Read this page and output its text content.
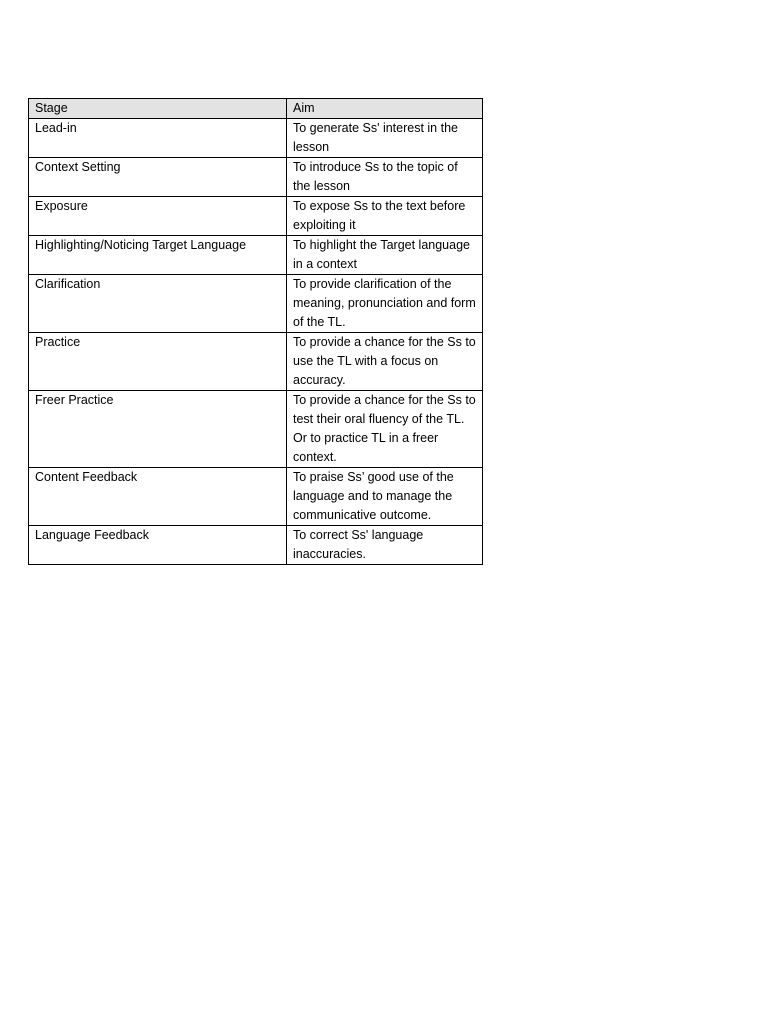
Stage	Aim
Lead-in	To generate Ss' interest in the lesson
Context Setting	To introduce Ss to the topic of the lesson
Exposure	To expose Ss to the text before exploiting it
Highlighting/Noticing Target Language	To highlight the Target language in a context
Clarification	To provide clarification of the meaning, pronunciation and form of the TL.
Practice	To provide a chance for the Ss to use the TL with a focus on accuracy.
Freer Practice	To provide a chance for the Ss to test their oral fluency of the TL. Or to practice TL in a freer context.
Content Feedback	To praise Ss’ good use of the language and to manage the communicative outcome.
Language Feedback	To correct Ss' language inaccuracies.
